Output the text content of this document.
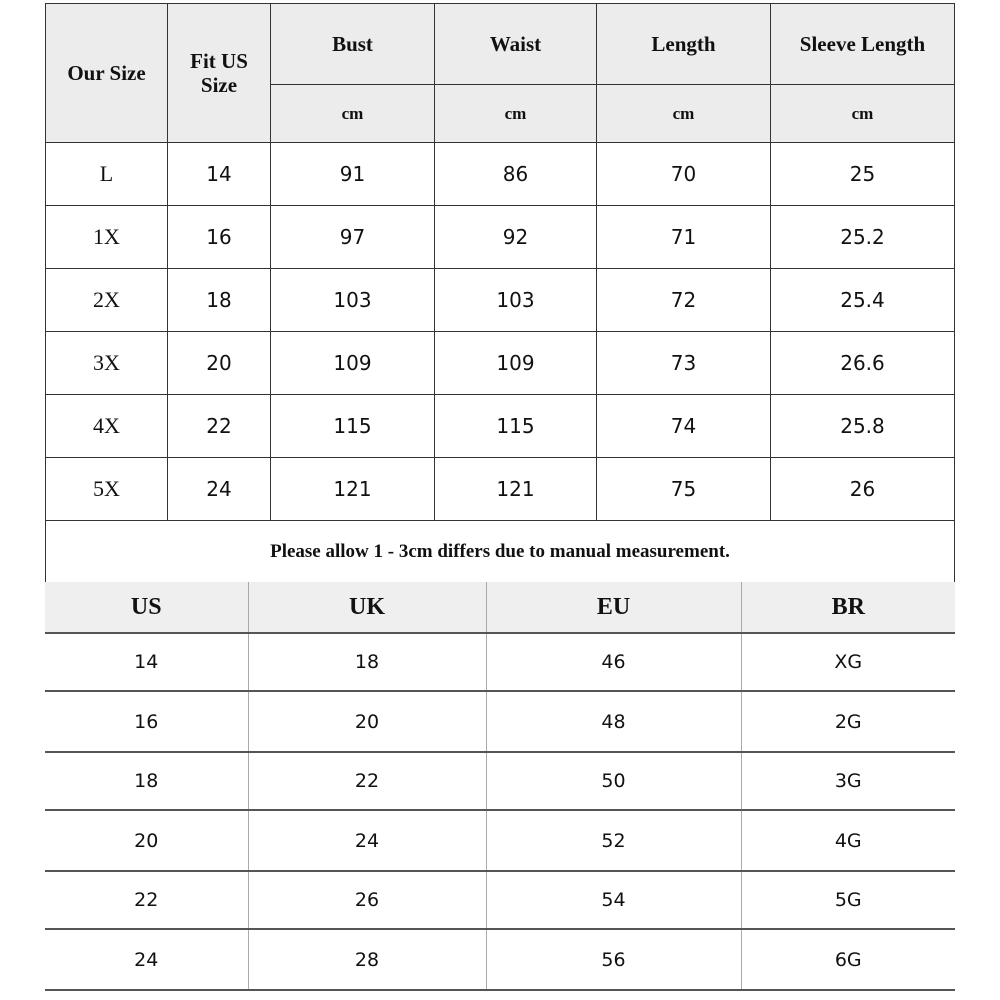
Our Size	Fit US Size	Bust	Waist	Length	Sleeve Length
		cm	cm	cm	cm
L	14	91	86	70	25
1X	16	97	92	71	25.2
2X	18	103	103	72	25.4
3X	20	109	109	73	26.6
4X	22	115	115	74	25.8
5X	24	121	121	75	26
Please allow 1 - 3cm differs due to manual measurement.					
US	UK	EU	BR
14	18	46	XG
16	20	48	2G
18	22	50	3G
20	24	52	4G
22	26	54	5G
24	28	56	6G
